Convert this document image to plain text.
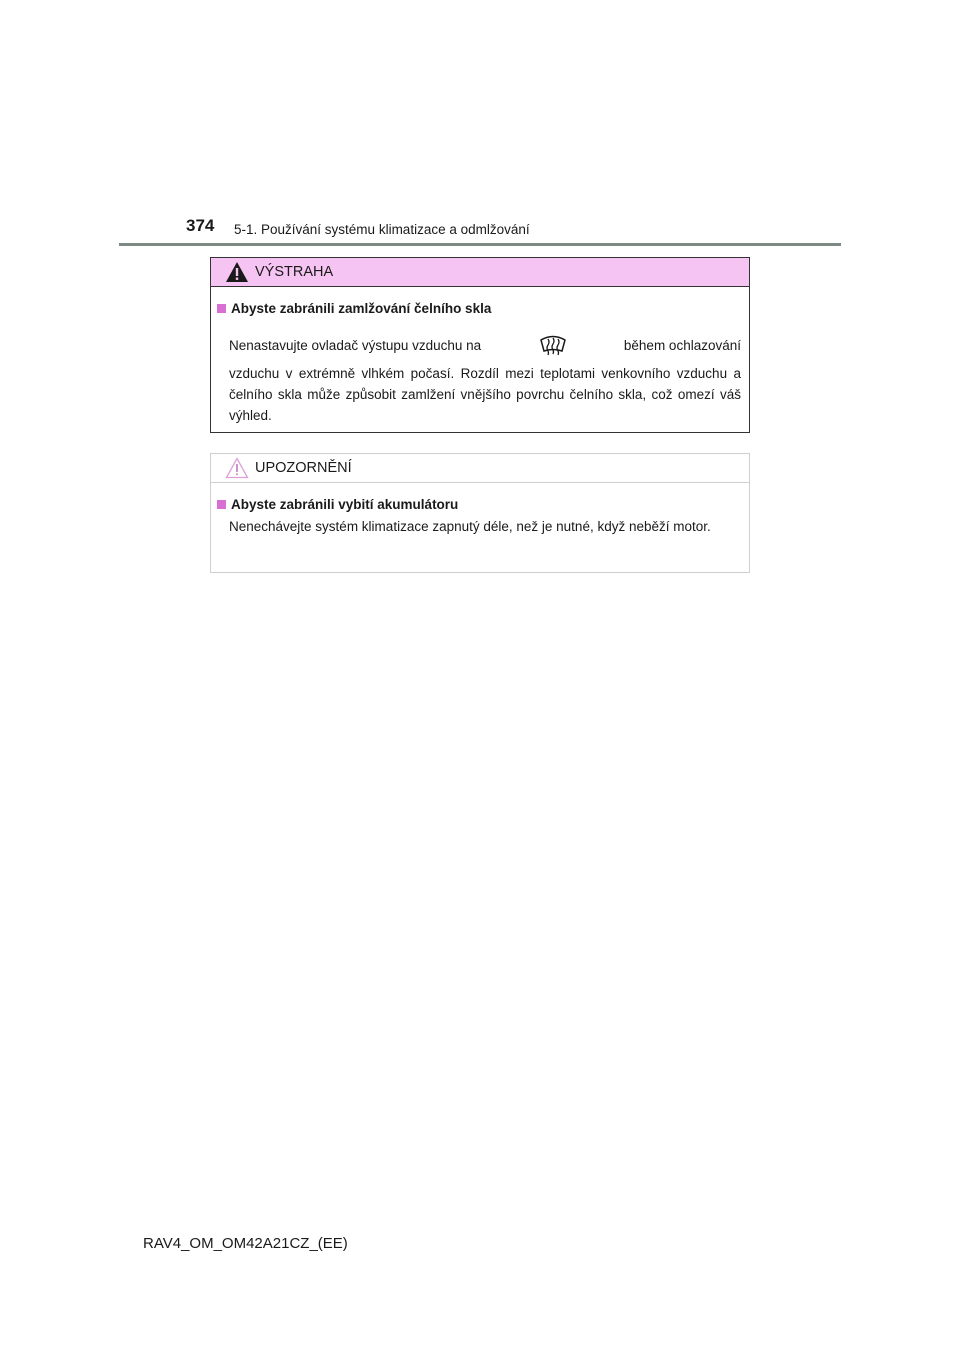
374 5-1. Používání systému klimatizace a odmlžování
VÝSTRAHA
Abyste zabránili zamlžování čelního skla
Nenastavujte ovladač výstupu vzduchu na	během ochlazování
vzduchu v extrémně vlhkém počasí. Rozdíl mezi teplotami venkovního vzduchu a čelního skla může způsobit zamlžení vnějšího povrchu čelního skla, což omezí váš výhled.
UPOZORNĚNÍ
Abyste zabránili vybití akumulátoru
Nenechávejte systém klimatizace zapnutý déle, než je nutné, když neběží motor.
RAV4_OM_OM42A21CZ_(EE)
